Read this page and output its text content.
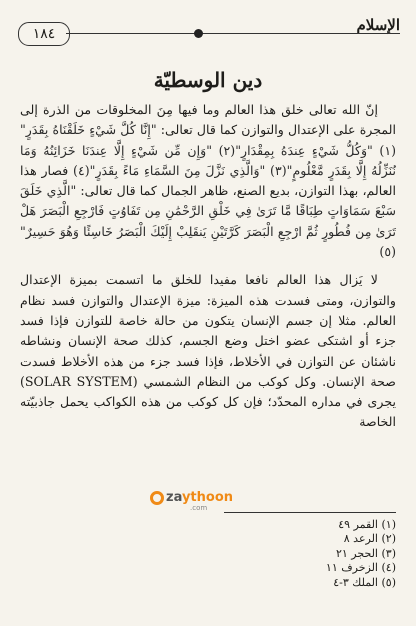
الإسلام
١٨٤
دين الوسطيّة

إنّ الله تعالى خلق هذا العالم وما فيها مِنَ المخلوقات من الذرة إلى المجرة على الإعتدال والتوازن كما قال تعالى: "إِنَّا كُلَّ شَيْءٍ خَلَقْنَاهُ بِقَدَرٍ"(١) "وَكُلُّ شَيْءٍ عِندَهُ بِمِقْدَارٍ"(٢) "وَإِن مِّن شَيْءٍ إِلَّا عِندَنَا خَزَائِنُهُ وَمَا نُنَزِّلُهُ إِلَّا بِقَدَرٍ مَّعْلُومٍ"(٣) "وَالَّذِي نَزَّلَ مِنَ السَّمَاءِ مَاءً بِقَدَرٍ"(٤) فصار هذا العالم، بهذا التوازن، بديع الصنع، ظاهر الجمال كما قال تعالى: "الَّذِي خَلَقَ سَبْعَ سَمَاوَاتٍ طِبَاقًا مَّا تَرَىٰ فِي خَلْقِ الرَّحْمَٰنِ مِن تَفَاوُتٍ فَارْجِعِ الْبَصَرَ هَلْ تَرَىٰ مِن فُطُورٍ ثُمَّ ارْجِعِ الْبَصَرَ كَرَّتَيْنِ يَنقَلِبْ إِلَيْكَ الْبَصَرُ خَاسِئًا وَهُوَ حَسِيرٌ"(٥)

لا يَزال هذا العالم نافعا مفيدا للخلق ما اتسمت بميزة الإعتدال والتوازن، ومتى فسدت هذه الميزة: ميزة الإعتدال والتوازن فسد نظام العالم. مثلا إن جسم الإنسان يتكون من حالة خاصة للتوازن فإذا فسد جزء أو اشتكى عضو اختل وضع الجسم، كذلك صحة الإنسان ونشاطه ناشئان عن التوازن في الأخلاط، فإذا فسد جزء من هذه الأخلاط فسدت صحة الإنسان. وكل كوكب من النظام الشمسي (SOLAR SYSTEM) يجرى في مداره المحدّد؛ فإن كل كوكب من هذه الكواكب يحمل جاذبيّته الخاصة

zaythoon
.com
(١) القمر ٤٩
(٢) الرعد ٨
(٣) الحجر ٢١
(٤) الزخرف ١١
(٥) الملك ٣-٤
